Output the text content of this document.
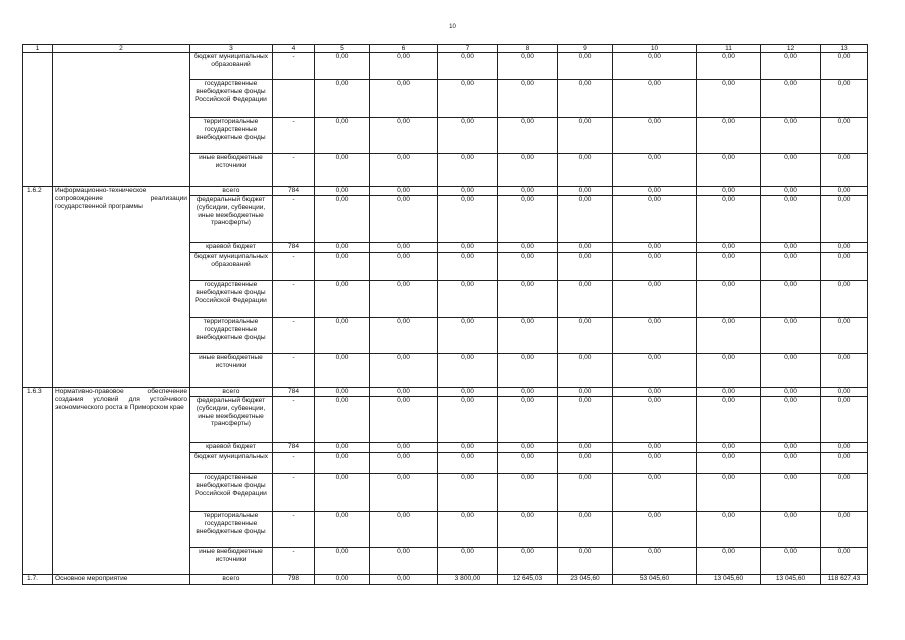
10
1	2	3	4	5	6	7	8	9	10	11	12	13
		бюджет муниципальных образований	-	0,00	0,00	0,00	0,00	0,00	0,00	0,00	0,00	0,00
		государственные внебюджетные фонды Российской Федерации		0,00	0,00	0,00	0,00	0,00	0,00	0,00	0,00	0,00
		территориальные государственные внебюджетные фонды	-	0,00	0,00	0,00	0,00	0,00	0,00	0,00	0,00	0,00
		иные внебюджетные источники	-	0,00	0,00	0,00	0,00	0,00	0,00	0,00	0,00	0,00
1.6.2	Информационно-техническое сопровождение реализации государственной программы	всего	784	0,00	0,00	0,00	0,00	0,00	0,00	0,00	0,00	0,00
		федеральный бюджет (субсидии, субвенции, иные межбюджетные трансферты)	-	0,00	0,00	0,00	0,00	0,00	0,00	0,00	0,00	0,00
		краевой бюджет	784	0,00	0,00	0,00	0,00	0,00	0,00	0,00	0,00	0,00
		бюджет муниципальных образований	-	0,00	0,00	0,00	0,00	0,00	0,00	0,00	0,00	0,00
		государственные внебюджетные фонды Российской Федерации	-	0,00	0,00	0,00	0,00	0,00	0,00	0,00	0,00	0,00
		территориальные государственные внебюджетные фонды	-	0,00	0,00	0,00	0,00	0,00	0,00	0,00	0,00	0,00
		иные внебюджетные источники	-	0,00	0,00	0,00	0,00	0,00	0,00	0,00	0,00	0,00
1.6.3	Нормативно-правовое обеспечение создания условий для устойчивого экономического роста в Приморском крае	всего	784	0,00	0,00	0,00	0,00	0,00	0,00	0,00	0,00	0,00
		федеральный бюджет (субсидии, субвенции, иные межбюджетные трансферты)	-	0,00	0,00	0,00	0,00	0,00	0,00	0,00	0,00	0,00
		краевой бюджет	784	0,00	0,00	0,00	0,00	0,00	0,00	0,00	0,00	0,00
		бюджет муниципальных	-	0,00	0,00	0,00	0,00	0,00	0,00	0,00	0,00	0,00
		государственные внебюджетные фонды Российской Федерации	-	0,00	0,00	0,00	0,00	0,00	0,00	0,00	0,00	0,00
		территориальные государственные внебюджетные фонды	-	0,00	0,00	0,00	0,00	0,00	0,00	0,00	0,00	0,00
		иные внебюджетные источники	-	0,00	0,00	0,00	0,00	0,00	0,00	0,00	0,00	0,00
1.7.	Основное мероприятие	всего	798	0,00	0,00	3 800,00	12 645,03	23 045,60	53 045,60	13 045,60	13 045,60	118 627,43
